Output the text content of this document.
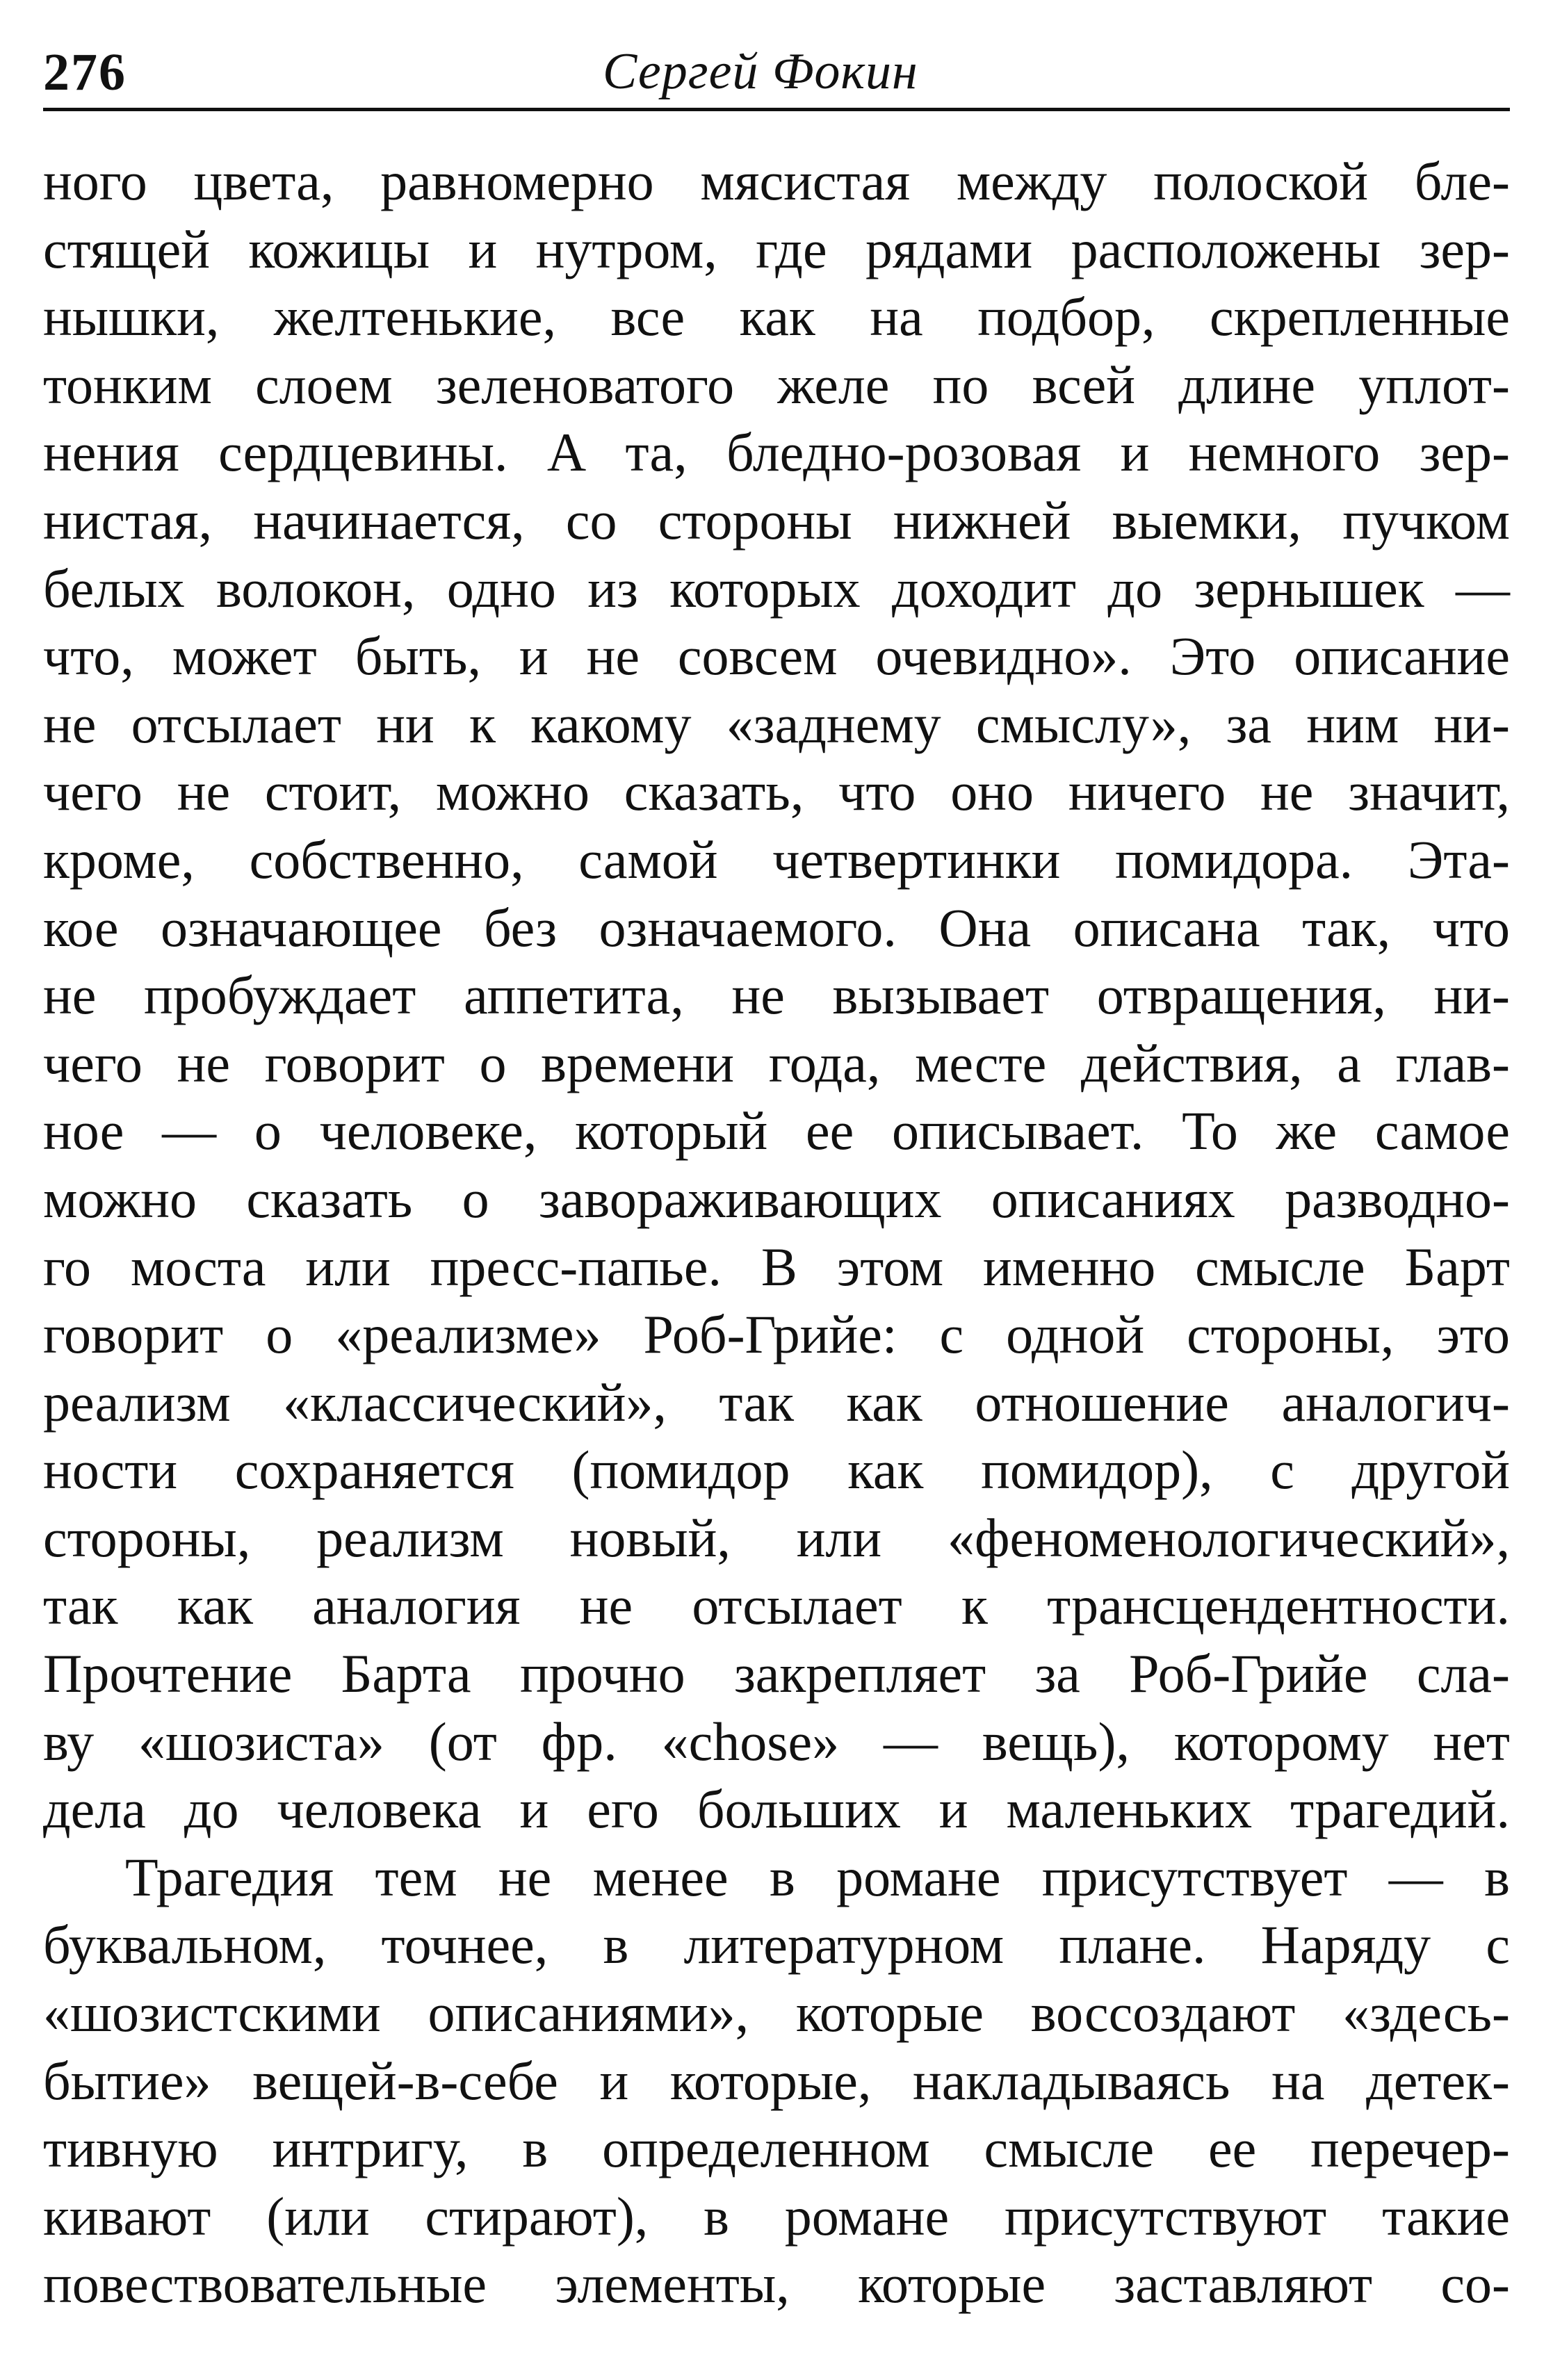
276	Сергей Фокин
ного цвета, равномерно мясистая между полоской бле-
стящей кожицы и нутром, где рядами расположены зер-
нышки, желтенькие, все как на подбор, скрепленные
тонким слоем зеленоватого желе по всей длине уплот-
нения сердцевины. А та, бледно-розовая и немного зер-
нистая, начинается, со стороны нижней выемки, пучком
белых волокон, одно из которых доходит до зернышек —
что, может быть, и не совсем очевидно». Это описание
не отсылает ни к какому «заднему смыслу», за ним ни-
чего не стоит, можно сказать, что оно ничего не значит,
кроме, собственно, самой четвертинки помидора. Эта-
кое означающее без означаемого. Она описана так, что
не пробуждает аппетита, не вызывает отвращения, ни-
чего не говорит о времени года, месте действия, а глав-
ное — о человеке, который ее описывает. То же самое
можно сказать о завораживающих описаниях разводно-
го моста или пресс-папье. В этом именно смысле Барт
говорит о «реализме» Роб-Грийе: с одной стороны, это
реализм «классический», так как отношение аналогич-
ности сохраняется (помидор как помидор), с другой
стороны, реализм новый, или «феноменологический»,
так как аналогия не отсылает к трансцендентности.
Прочтение Барта прочно закрепляет за Роб-Грийе сла-
ву «шозиста» (от фр. «chose» — вещь), которому нет
дела до человека и его больших и маленьких трагедий.
Трагедия тем не менее в романе присутствует — в
буквальном, точнее, в литературном плане. Наряду с
«шозистскими описаниями», которые воссоздают «здесь-
бытие» вещей-в-себе и которые, накладываясь на детек-
тивную интригу, в определенном смысле ее перечер-
кивают (или стирают), в романе присутствуют такие
повествовательные элементы, которые заставляют со-
